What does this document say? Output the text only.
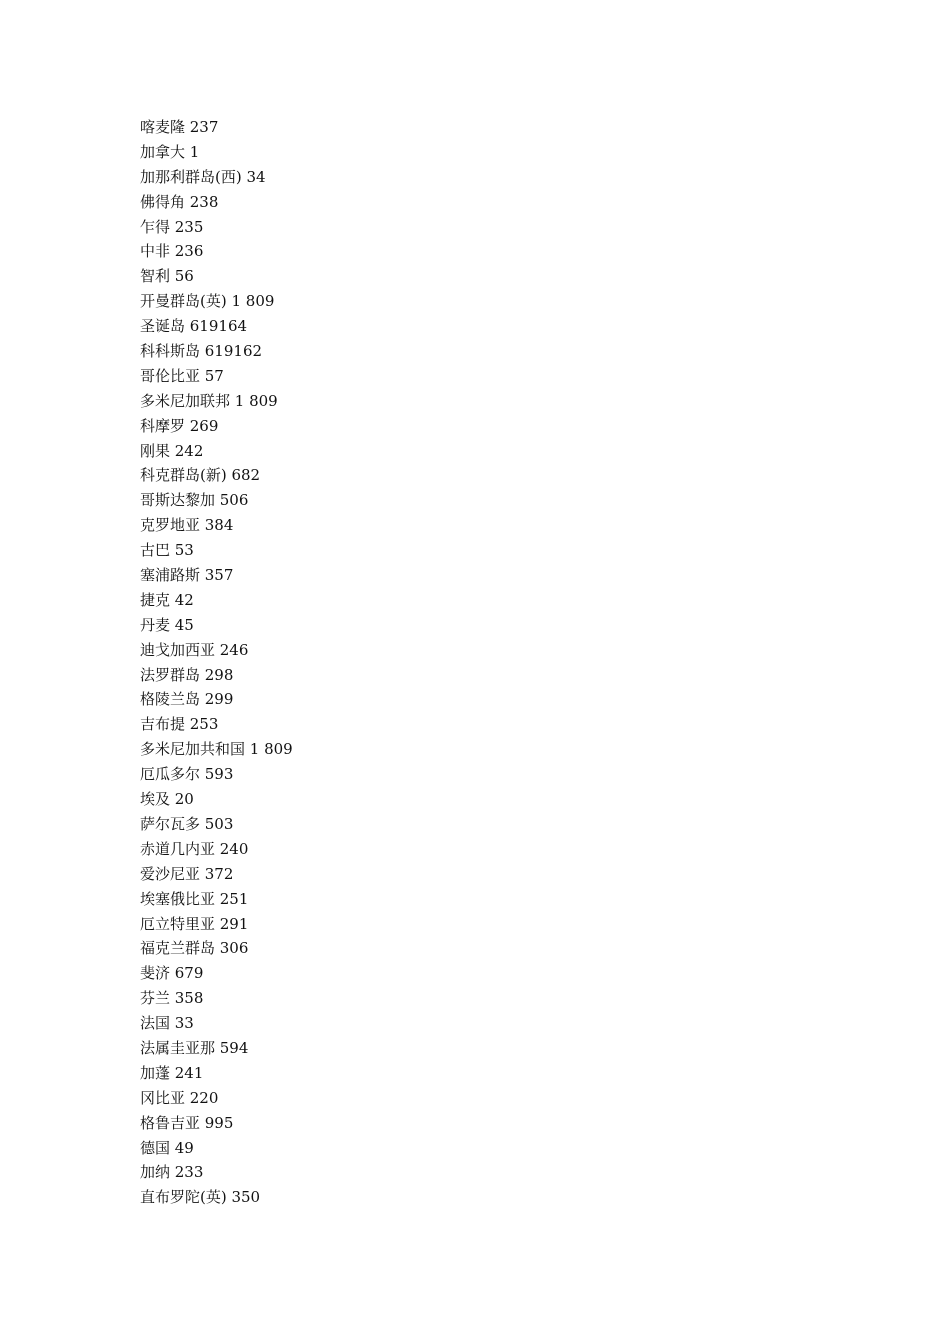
喀麦隆 237
加拿大 1
加那利群岛(西) 34
佛得角 238
乍得 235
中非 236
智利 56
开曼群岛(英) 1 809
圣诞岛 619164
科科斯岛 619162
哥伦比亚 57
多米尼加联邦 1 809
科摩罗 269
刚果 242
科克群岛(新) 682
哥斯达黎加 506
克罗地亚 384
古巴 53
塞浦路斯 357
捷克 42
丹麦 45
迪戈加西亚 246
法罗群岛 298
格陵兰岛 299
吉布提 253
多米尼加共和国 1 809
厄瓜多尔 593
埃及 20
萨尔瓦多 503
赤道几内亚 240
爱沙尼亚 372
埃塞俄比亚 251
厄立特里亚 291
福克兰群岛 306
斐济 679
芬兰 358
法国 33
法属圭亚那 594
加蓬 241
冈比亚 220
格鲁吉亚 995
德国 49
加纳 233
直布罗陀(英) 350
